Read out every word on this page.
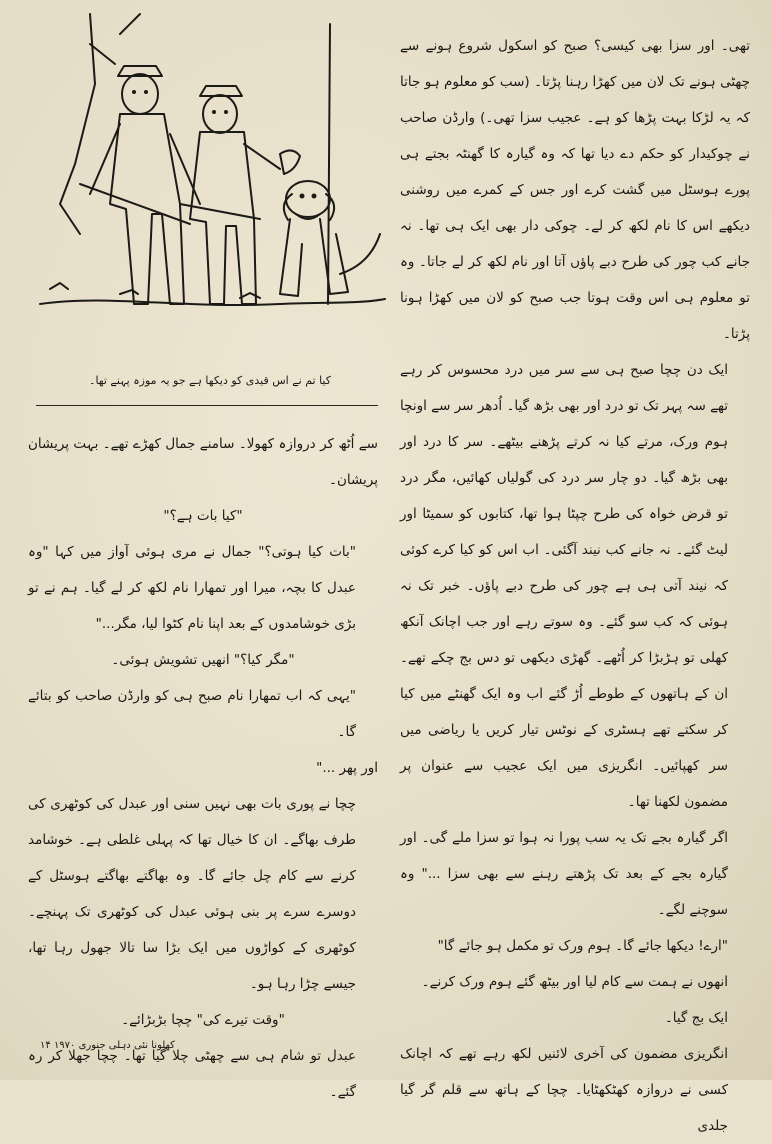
کیا تم نے اس قیدی کو دیکھا ہے جو یہ موزہ پہنے تھا۔

تھی۔ اور سزا بھی کیسی؟ صبح کو اسکول شروع ہونے سے چھٹی ہونے تک لان میں کھڑا رہنا پڑتا۔ (سب کو معلوم ہو جاتا کہ یہ لڑکا بہت پڑھا کو ہے۔ عجیب سزا تھی۔) وارڈن صاحب نے چوکیدار کو حکم دے دیا تھا کہ وہ گیارہ کا گھنٹہ بجتے ہی پورے ہوسٹل میں گشت کرے اور جس کے کمرے میں روشنی دیکھے اس کا نام لکھ کر لے۔ چوکی دار بھی ایک ہی تھا۔ نہ جانے کب چور کی طرح دبے پاؤں آتا اور نام لکھ کر لے جاتا۔ وہ تو معلوم ہی اس وقت ہوتا جب صبح کو لان میں کھڑا ہونا پڑتا۔

ایک دن چچا صبح ہی سے سر میں درد محسوس کر رہے تھے سہ پہر تک تو درد اور بھی بڑھ گیا۔ اُدھر سر سے اونچا ہوم ورک، مرتے کیا نہ کرتے پڑھنے بیٹھے۔ سر کا درد اور بھی بڑھ گیا۔ دو چار سر درد کی گولیاں کھائیں، مگر درد تو قرض خواہ کی طرح چپٹا ہوا تھا، کتابوں کو سمیٹا اور لیٹ گئے۔ نہ جانے کب نیند آگئی۔ اب اس کو کیا کرے کوئی کہ نیند آتی ہی ہے چور کی طرح دبے پاؤں۔ خبر تک نہ ہوئی کہ کب سو گئے۔ وہ سوتے رہے اور جب اچانک آنکھ کھلی تو ہڑبڑا کر اُٹھے۔ گھڑی دیکھی تو دس بج چکے تھے۔ ان کے ہاتھوں کے طوطے اُڑ گئے اب وہ ایک گھنٹے میں کیا کر سکتے تھے ہسٹری کے نوٹس تیار کریں یا ریاضی میں سر کھپائیں۔ انگریزی میں ایک عجیب سے عنوان پر مضمون لکھنا تھا۔

اگر گیارہ بجے تک یہ سب پورا نہ ہوا تو سزا ملے گی۔ اور گیارہ بجے کے بعد تک پڑھتے رہنے سے بھی سزا ..." وہ سوچنے لگے۔

"ارے! دیکھا جائے گا۔ ہوم ورک تو مکمل ہو جائے گا"

انھوں نے ہمت سے کام لیا اور بیٹھ گئے ہوم ورک کرنے۔

ایک بج گیا۔

انگریزی مضمون کی آخری لائنیں لکھ رہے تھے کہ اچانک کسی نے دروازہ کھٹکھٹایا۔ چچا کے ہاتھ سے قلم گر گیا جلدی

سے اُٹھ کر دروازہ کھولا۔ سامنے جمال کھڑے تھے۔ بہت پریشان پریشان۔

"کیا بات ہے؟"

"بات کیا ہوتی؟" جمال نے مری ہوئی آواز میں کہا "وہ عبدل کا بچہ، میرا اور تمھارا نام لکھ کر لے گیا۔ ہم نے تو بڑی خوشامدوں کے بعد اپنا نام کٹوا لیا، مگر..."

"مگر کیا؟" انھیں تشویش ہوئی۔

"یہی کہ اب تمھارا نام صبح ہی کو وارڈن صاحب کو بتائے گا۔

اور پھر ..."

چچا نے پوری بات بھی نہیں سنی اور عبدل کی کوٹھری کی طرف بھاگے۔ ان کا خیال تھا کہ پہلی غلطی ہے۔ خوشامد کرنے سے کام چل جائے گا۔ وہ بھاگتے بھاگتے ہوسٹل کے دوسرے سرے پر بنی ہوئی عبدل کی کوٹھری تک پہنچے۔ کوٹھری کے کواڑوں میں ایک بڑا سا تالا جھول رہا تھا، جیسے چڑا رہا ہو۔

"وقت تیرے کی" چچا بڑبڑائے۔

عبدل تو شام ہی سے چھٹی چلا گیا تھا۔ چچا جھلا کر رہ گئے۔

کھلونا نئی دہلی جنوری ۱۹۷۰ ۱۴
